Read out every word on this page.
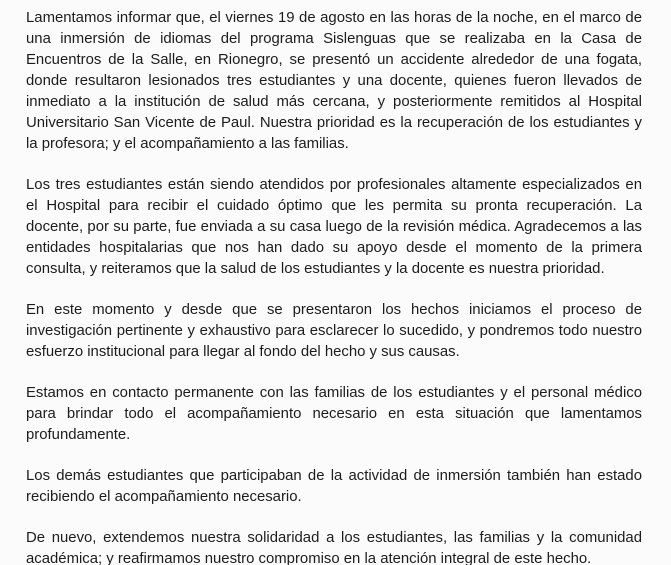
Lamentamos informar que, el viernes 19 de agosto en las horas de la noche, en el marco de una inmersión de idiomas del programa Sislenguas que se realizaba en la Casa de Encuentros de la Salle, en Rionegro, se presentó un accidente alrededor de una fogata, donde resultaron lesionados tres estudiantes y una docente, quienes fueron llevados de inmediato a la institución de salud más cercana, y posteriormente remitidos al Hospital Universitario San Vicente de Paul. Nuestra prioridad es la recuperación de los estudiantes y la profesora; y el acompañamiento a las familias.

Los tres estudiantes están siendo atendidos por profesionales altamente especializados en el Hospital para recibir el cuidado óptimo que les permita su pronta recuperación. La docente, por su parte, fue enviada a su casa luego de la revisión médica. Agradecemos a las entidades hospitalarias que nos han dado su apoyo desde el momento de la primera consulta, y reiteramos que la salud de los estudiantes y la docente es nuestra prioridad.

En este momento y desde que se presentaron los hechos iniciamos el proceso de investigación pertinente y exhaustivo para esclarecer lo sucedido, y pondremos todo nuestro esfuerzo institucional para llegar al fondo del hecho y sus causas.

Estamos en contacto permanente con las familias de los estudiantes y el personal médico para brindar todo el acompañamiento necesario en esta situación que lamentamos profundamente.

Los demás estudiantes que participaban de la actividad de inmersión también han estado recibiendo el acompañamiento necesario.

De nuevo, extendemos nuestra solidaridad a los estudiantes, las familias y la comunidad académica; y reafirmamos nuestro compromiso en la atención integral de este hecho.
